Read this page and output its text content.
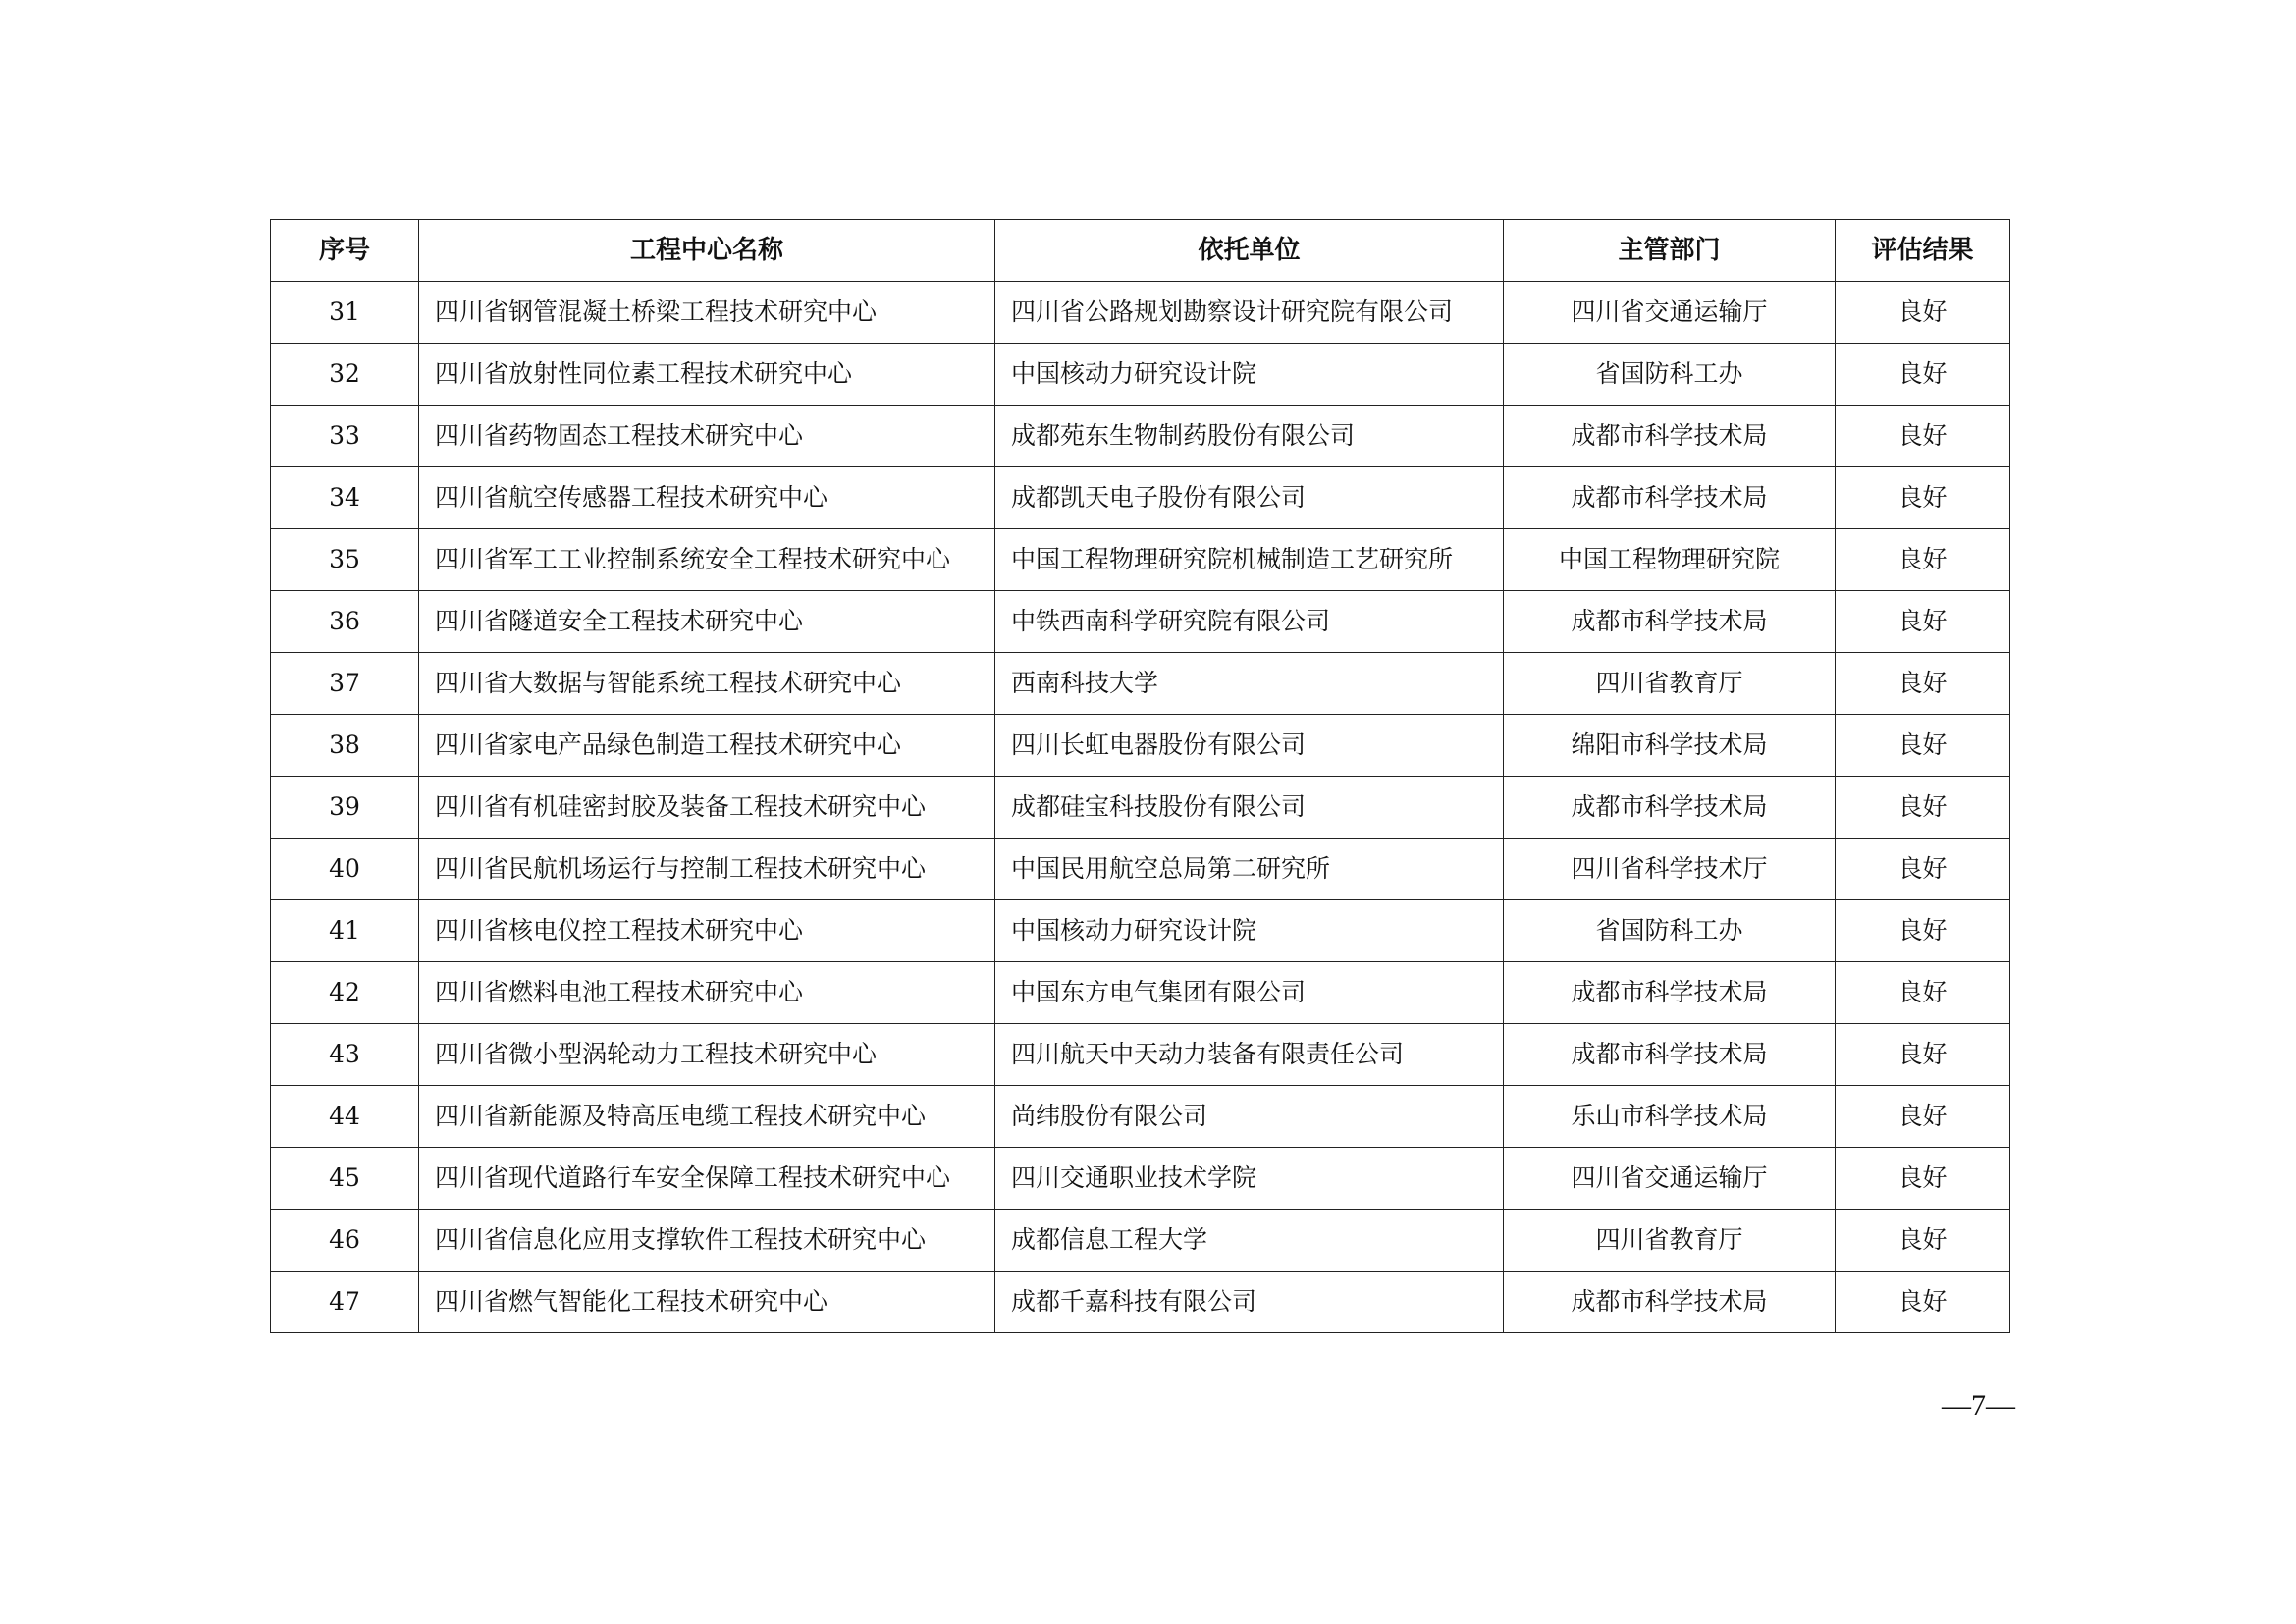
序号	工程中心名称	依托单位	主管部门	评估结果
31	四川省钢管混凝土桥梁工程技术研究中心	四川省公路规划勘察设计研究院有限公司	四川省交通运输厅	良好
32	四川省放射性同位素工程技术研究中心	中国核动力研究设计院	省国防科工办	良好
33	四川省药物固态工程技术研究中心	成都苑东生物制药股份有限公司	成都市科学技术局	良好
34	四川省航空传感器工程技术研究中心	成都凯天电子股份有限公司	成都市科学技术局	良好
35	四川省军工工业控制系统安全工程技术研究中心	中国工程物理研究院机械制造工艺研究所	中国工程物理研究院	良好
36	四川省隧道安全工程技术研究中心	中铁西南科学研究院有限公司	成都市科学技术局	良好
37	四川省大数据与智能系统工程技术研究中心	西南科技大学	四川省教育厅	良好
38	四川省家电产品绿色制造工程技术研究中心	四川长虹电器股份有限公司	绵阳市科学技术局	良好
39	四川省有机硅密封胶及装备工程技术研究中心	成都硅宝科技股份有限公司	成都市科学技术局	良好
40	四川省民航机场运行与控制工程技术研究中心	中国民用航空总局第二研究所	四川省科学技术厅	良好
41	四川省核电仪控工程技术研究中心	中国核动力研究设计院	省国防科工办	良好
42	四川省燃料电池工程技术研究中心	中国东方电气集团有限公司	成都市科学技术局	良好
43	四川省微小型涡轮动力工程技术研究中心	四川航天中天动力装备有限责任公司	成都市科学技术局	良好
44	四川省新能源及特高压电缆工程技术研究中心	尚纬股份有限公司	乐山市科学技术局	良好
45	四川省现代道路行车安全保障工程技术研究中心	四川交通职业技术学院	四川省交通运输厅	良好
46	四川省信息化应用支撑软件工程技术研究中心	成都信息工程大学	四川省教育厅	良好
47	四川省燃气智能化工程技术研究中心	成都千嘉科技有限公司	成都市科学技术局	良好
—7—
